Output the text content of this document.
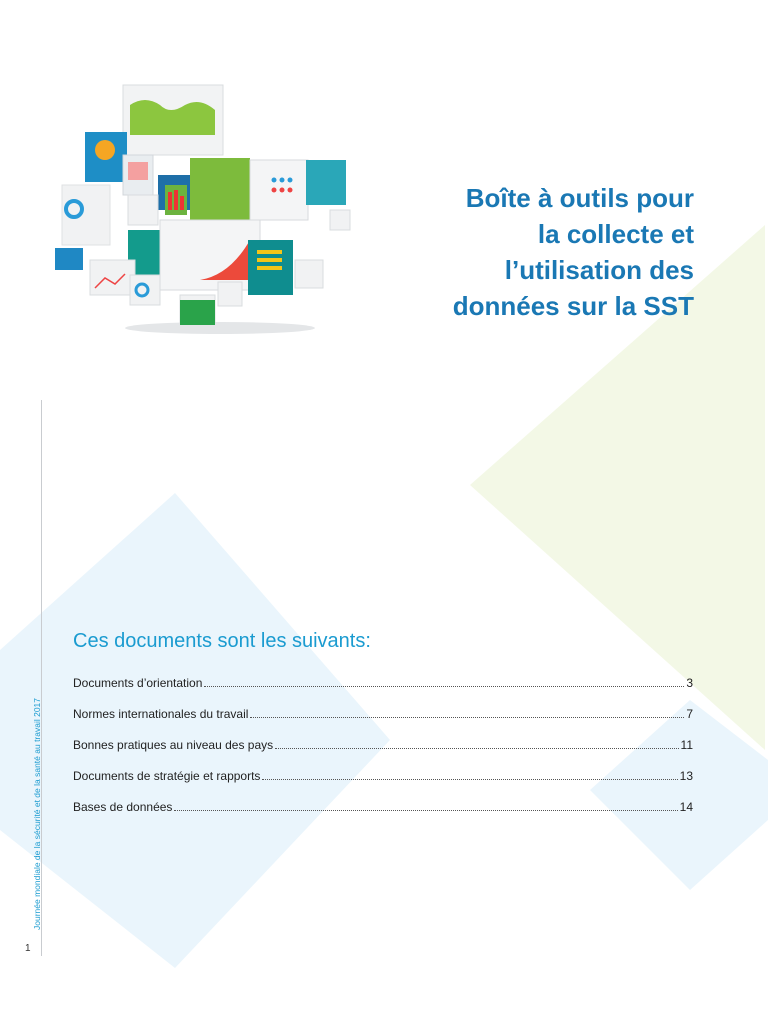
Boîte à outils pour
la collecte et
l’utilisation des
données sur la SST
Journée mondiale de la sécurité et de la santé au travail 2017
1
Ces documents sont les suivants:
Documents d’orientation	3
Normes internationales du travail	7
Bonnes pratiques au niveau des pays	11
Documents de stratégie et rapports	13
Bases de données	14
